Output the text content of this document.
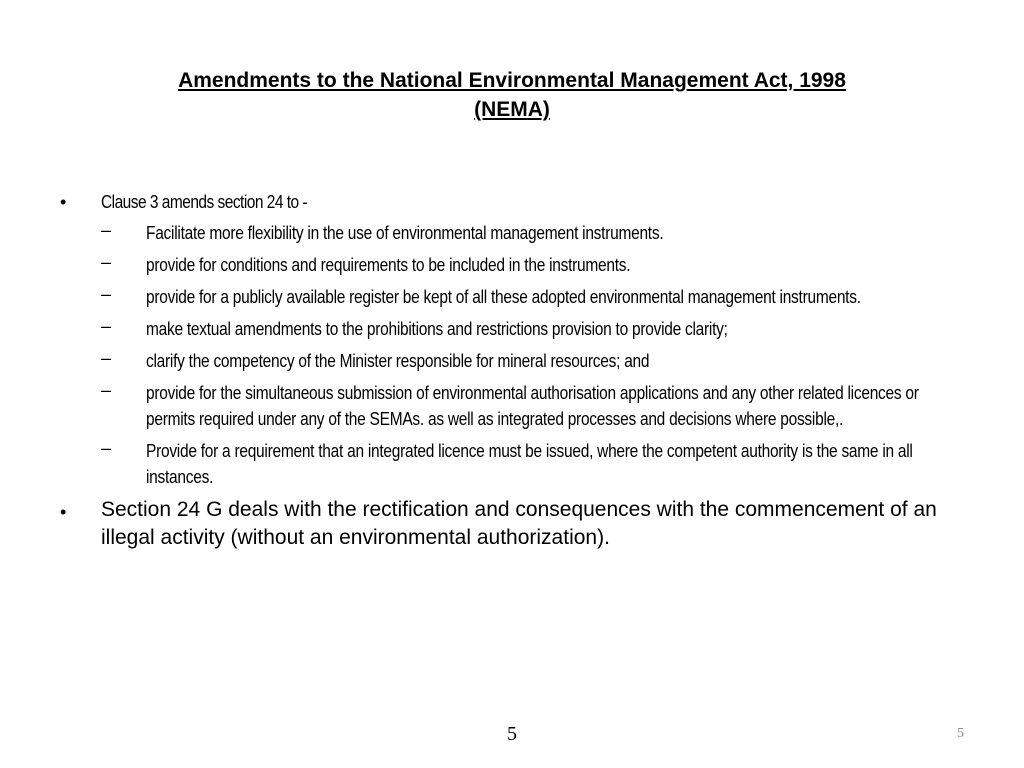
Amendments to the National Environmental Management Act, 1998
(NEMA)
• Clause 3 amends section 24 to -
– Facilitate more flexibility in the use of environmental management instruments.
– provide for conditions and requirements to be included in the instruments.
– provide for a publicly available register be kept of all these adopted environmental management instruments.
– make textual amendments to the prohibitions and restrictions provision to provide clarity;
– clarify the competency of the Minister responsible for mineral resources; and
– provide for the simultaneous submission of environmental authorisation applications and any other related licences or permits required under any of the SEMAs. as well as integrated processes and decisions where possible,.
– Provide for a requirement that an integrated licence must be issued, where the competent authority is the same in all instances.
• Section 24 G deals with the rectification and consequences with the commencement of an illegal activity (without an environmental authorization).
5	5
